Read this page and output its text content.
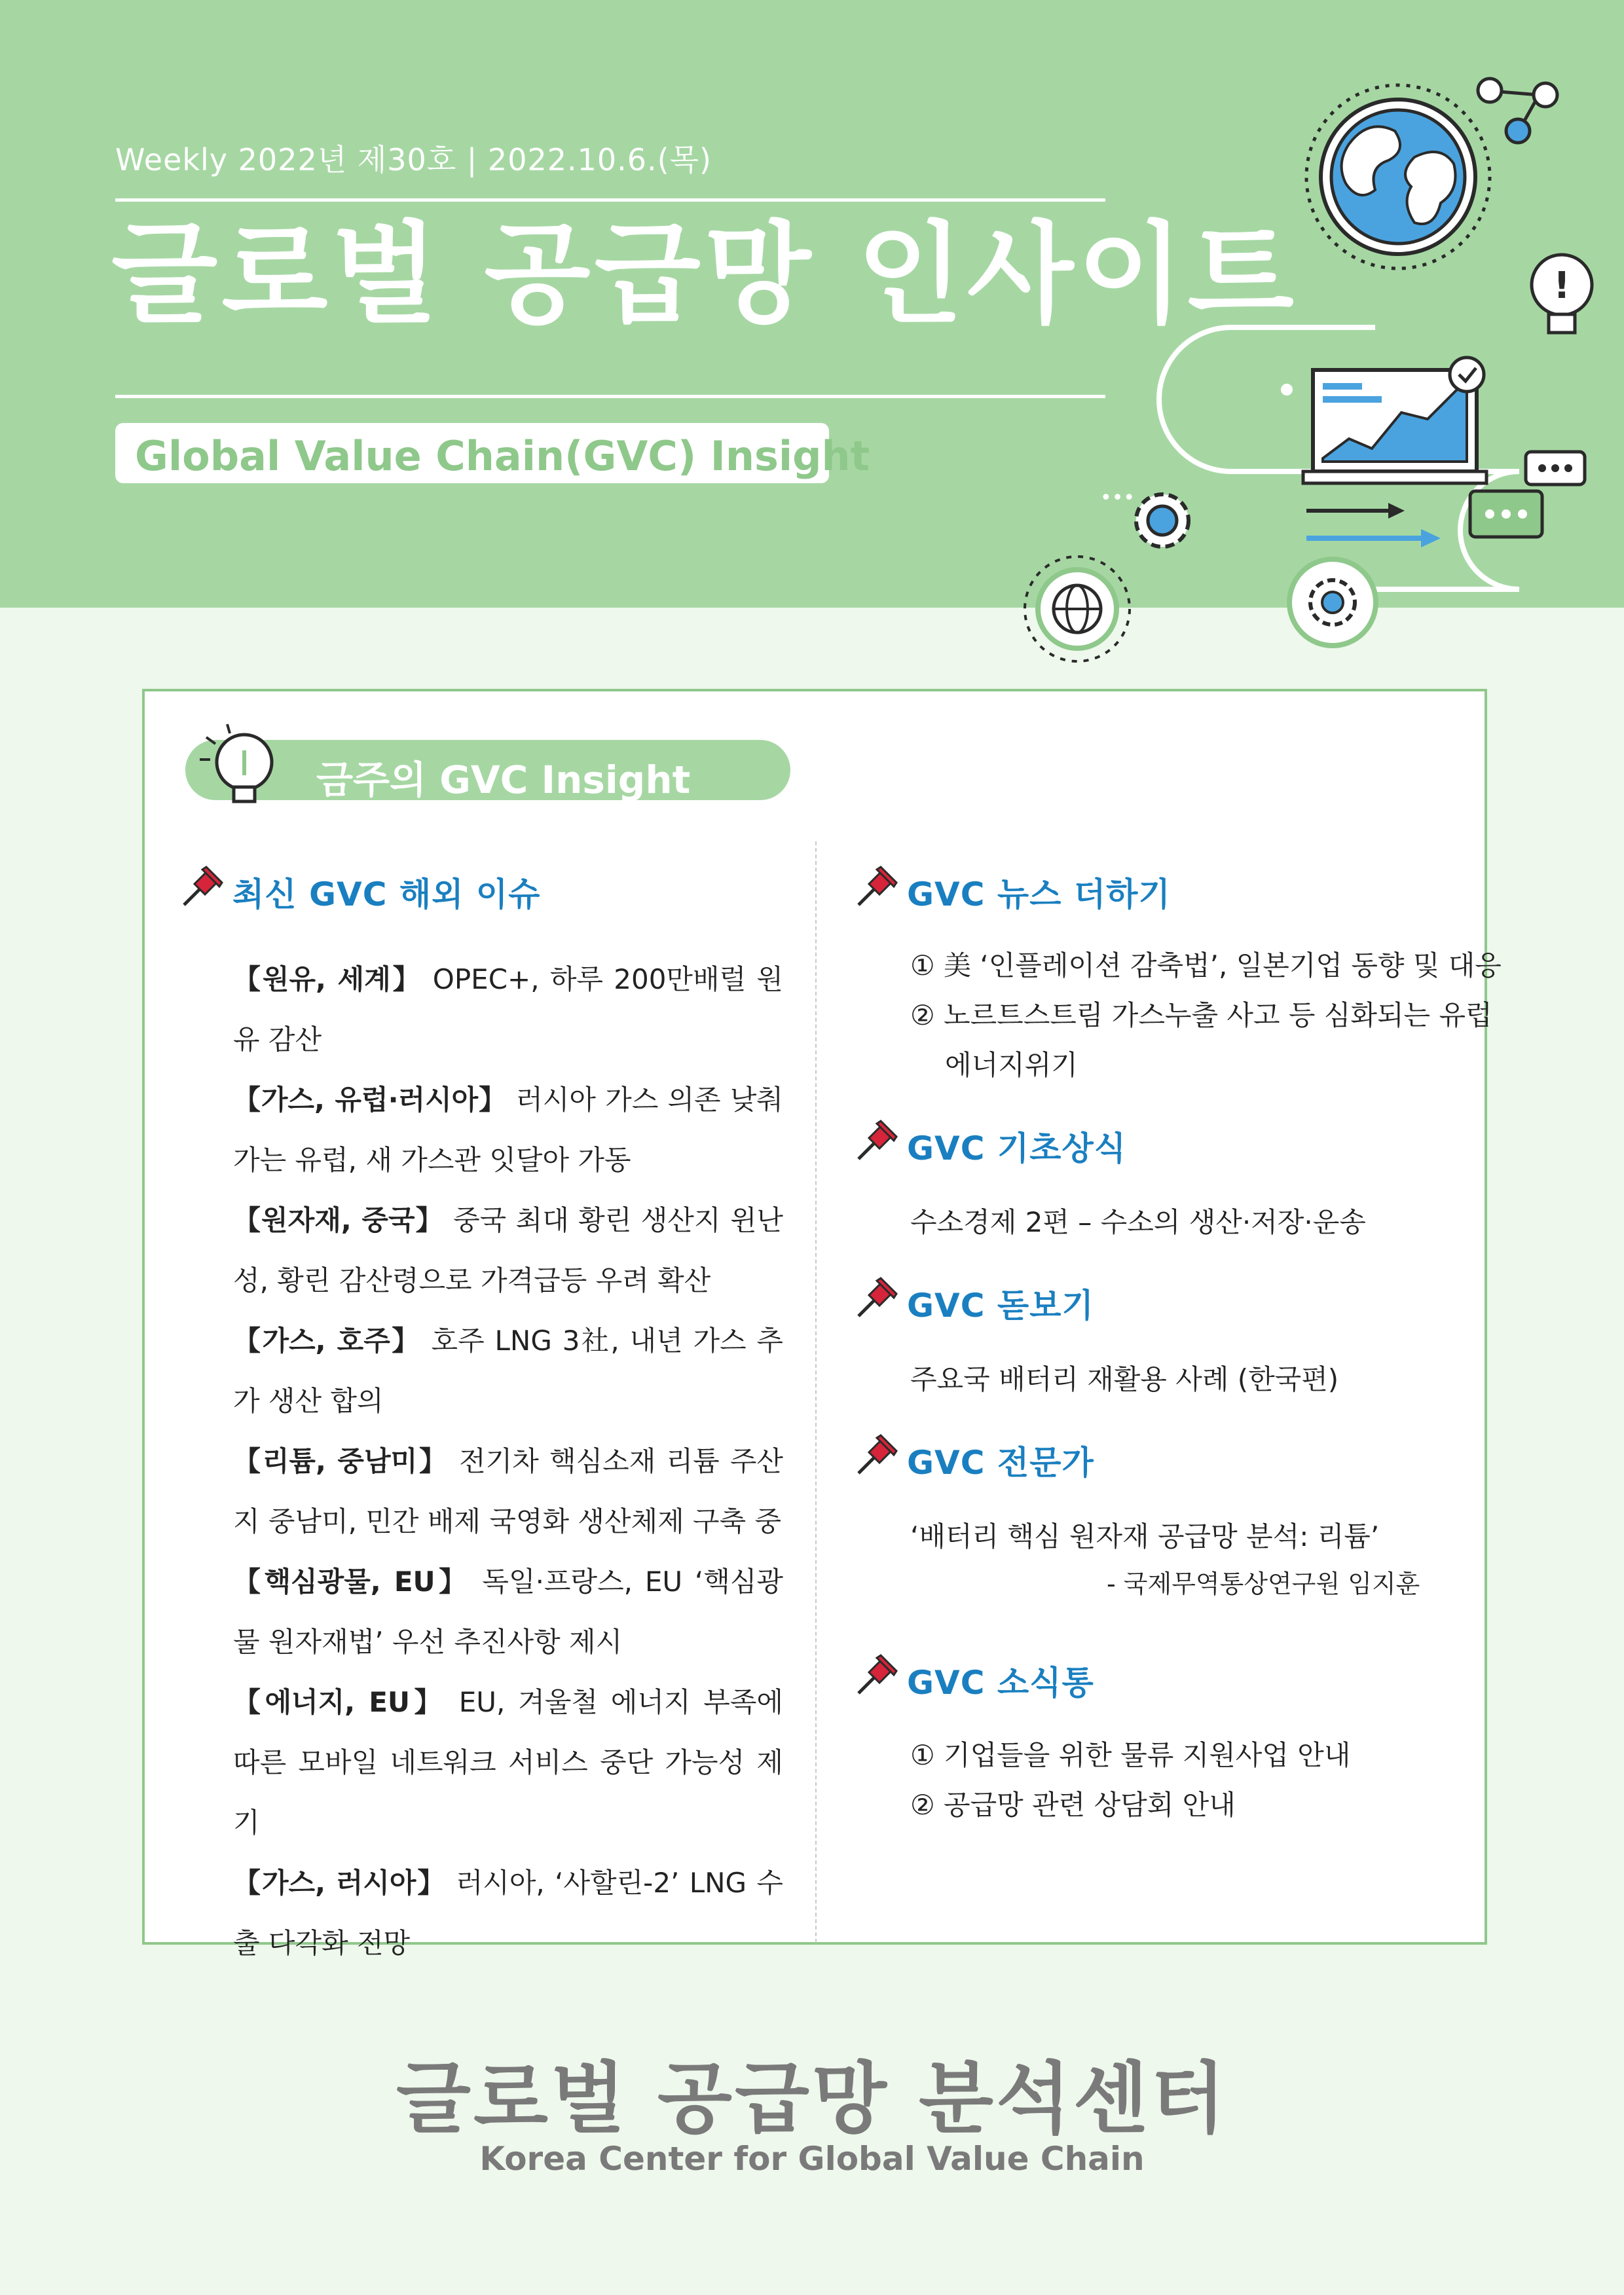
Weekly 2022년 제30호 | 2022.10.6.(목)
글로벌 공급망 인사이트
Global Value Chain(GVC) Insight
!
•••
금주의 GVC Insight
최신 GVC 해외 이슈

【원유, 세계】 OPEC+, 하루 200만배럴 원유 감산

【가스, 유럽·러시아】 러시아 가스 의존 낮춰가는 유럽, 새 가스관 잇달아 가동

【원자재, 중국】 중국 최대 황린 생산지 윈난성, 황린 감산령으로 가격급등 우려 확산

【가스, 호주】 호주 LNG 3社, 내년 가스 추가 생산 합의

【리튬, 중남미】 전기차 핵심소재 리튬 주산지 중남미, 민간 배제 국영화 생산체제 구축 중

【핵심광물, EU】 독일·프랑스, EU ‘핵심광물 원자재법’ 우선 추진사항 제시

【에너지, EU】 EU, 겨울철 에너지 부족에 따른 모바일 네트워크 서비스 중단 가능성 제기

【가스, 러시아】 러시아, ‘사할린-2’ LNG 수출 다각화 전망

GVC 뉴스 더하기
① 美 ‘인플레이션 감축법’, 일본기업 동향 및 대응
② 노르트스트림 가스누출 사고 등 심화되는 유럽
에너지위기
GVC 기초상식
수소경제 2편 – 수소의 생산·저장·운송
GVC 돋보기
주요국 배터리 재활용 사례 (한국편)
GVC 전문가
‘배터리 핵심 원자재 공급망 분석: 리튬’
- 국제무역통상연구원 임지훈
GVC 소식통
① 기업들을 위한 물류 지원사업 안내
② 공급망 관련 상담회 안내
글로벌 공급망 분석센터
Korea Center for Global Value Chain
